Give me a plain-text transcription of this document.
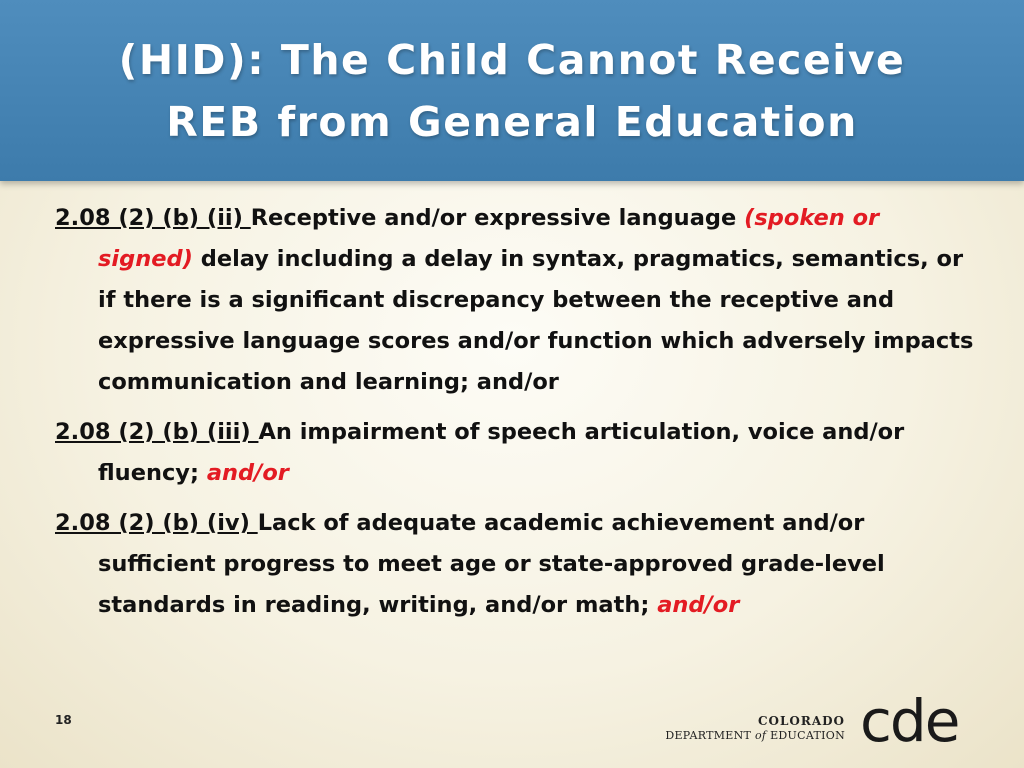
(HID): The Child Cannot Receive
REB from General Education

2.08 (2) (b) (ii) Receptive and/or expressive language (spoken or signed) delay including a delay in syntax, pragmatics, semantics, or if there is a significant discrepancy between the receptive and expressive language scores and/or function which adversely impacts communication and learning; and/or

2.08 (2) (b) (iii) An impairment of speech articulation, voice and/or fluency; and/or

2.08 (2) (b) (iv) Lack of adequate academic achievement and/or sufficient progress to meet age or state-approved grade-level standards in reading, writing, and/or math; and/or

18	COLORADO
DEPARTMENT of EDUCATION cde
